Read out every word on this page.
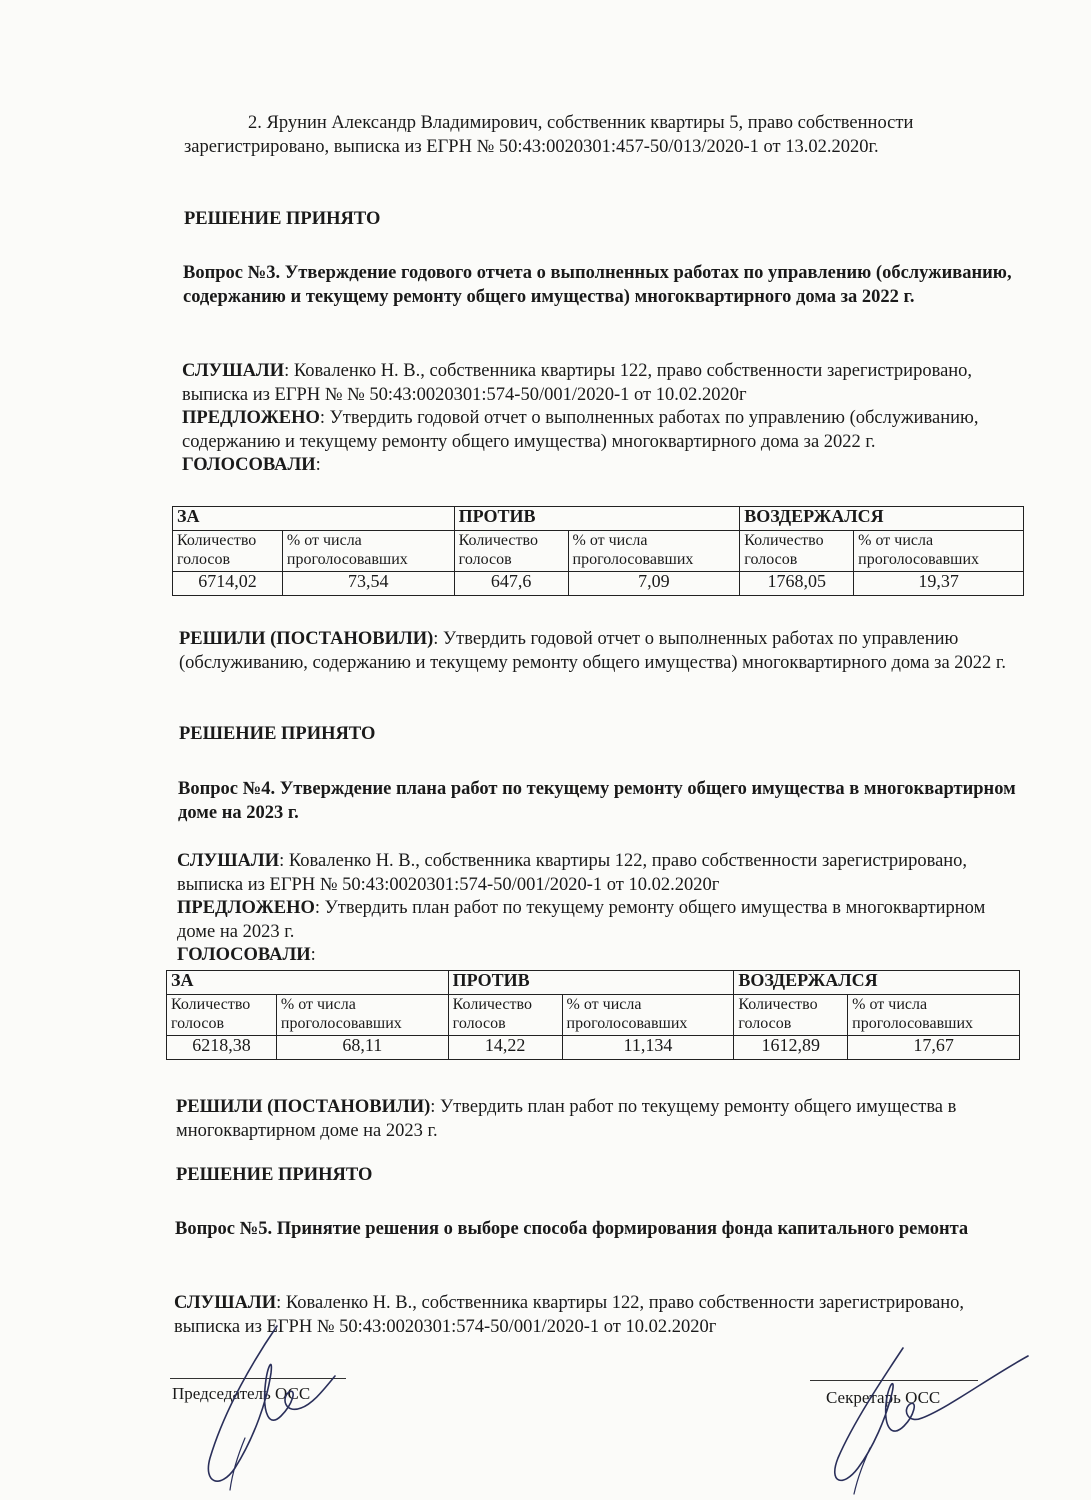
2. Ярунин Александр Владимирович, собственник квартиры 5, право собственности зарегистрировано, выписка из ЕГРН № 50:43:0020301:457-50/013/2020-1 от 13.02.2020г.

РЕШЕНИЕ ПРИНЯТО
Вопрос №3. Утверждение годового отчета о выполненных работах по управлению (обслуживанию, содержанию и текущему ремонту общего имущества) многоквартирного дома за 2022 г.

СЛУШАЛИ: Коваленко Н. В., собственника квартиры 122, право собственности зарегистрировано, выписка из ЕГРН № № 50:43:0020301:574-50/001/2020-1 от 10.02.2020г

ПРЕДЛОЖЕНО: Утвердить годовой отчет о выполненных работах по управлению (обслуживанию, содержанию и текущему ремонту общего имущества) многоквартирного дома за 2022 г.

ГОЛОСОВАЛИ:

ЗА		ПРОТИВ		ВОЗДЕРЖАЛСЯ	
Количество голосов	% от числа проголосовавших	Количество голосов	% от числа проголосовавших	Количество голосов	% от числа проголосовавших
6714,02	73,54	647,6	7,09	1768,05	19,37

РЕШИЛИ (ПОСТАНОВИЛИ): Утвердить годовой отчет о выполненных работах по управлению (обслуживанию, содержанию и текущему ремонту общего имущества) многоквартирного дома за 2022 г.

РЕШЕНИЕ ПРИНЯТО
Вопрос №4. Утверждение плана работ по текущему ремонту общего имущества в многоквартирном доме на 2023 г.

СЛУШАЛИ: Коваленко Н. В., собственника квартиры 122, право собственности зарегистрировано, выписка из ЕГРН № 50:43:0020301:574-50/001/2020-1 от 10.02.2020г

ПРЕДЛОЖЕНО: Утвердить план работ по текущему ремонту общего имущества в многоквартирном доме на 2023 г.

ГОЛОСОВАЛИ:

ЗА		ПРОТИВ		ВОЗДЕРЖАЛСЯ	
Количество голосов	% от числа проголосовавших	Количество голосов	% от числа проголосовавших	Количество голосов	% от числа проголосовавших
6218,38	68,11	14,22	11,134	1612,89	17,67

РЕШИЛИ (ПОСТАНОВИЛИ): Утвердить план работ по текущему ремонту общего имущества в многоквартирном доме на 2023 г.

РЕШЕНИЕ ПРИНЯТО
Вопрос №5. Принятие решения о выборе способа формирования фонда капитального ремонта

СЛУШАЛИ: Коваленко Н. В., собственника квартиры 122, право собственности зарегистрировано, выписка из ЕГРН № 50:43:0020301:574-50/001/2020-1 от 10.02.2020г

Председатель ОСС	Секретарь ОСС
